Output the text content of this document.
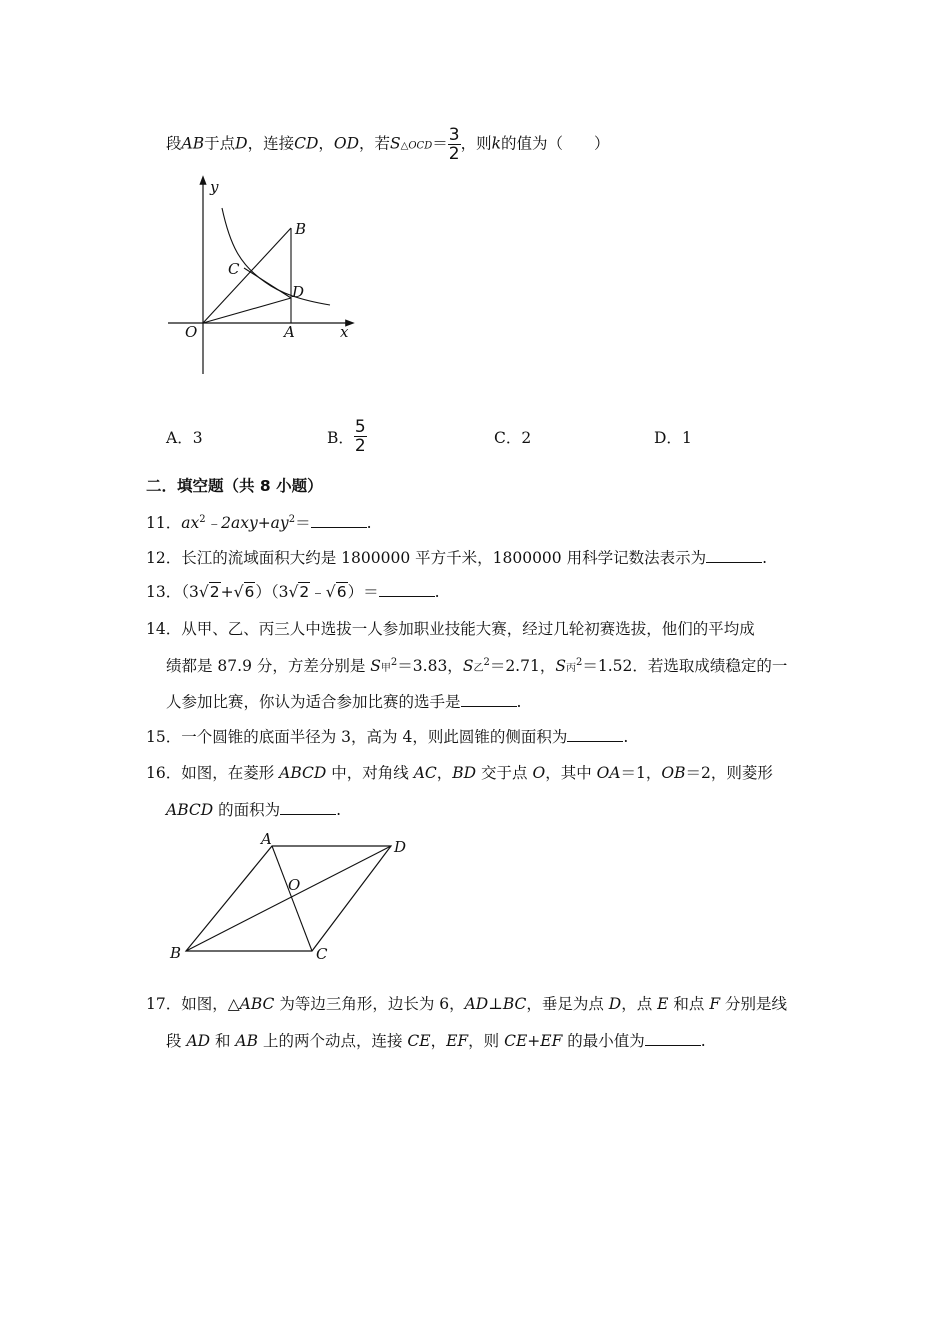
段AB于点D，连接CD，OD，若S△OCD＝ $\frac{3}{2}$ ，则k的值为（　　）
y
x
O	A
B
C
D
A．3	B． $\frac{5}{2}$	C．2	D．1
二．填空题（共 8 小题）
11．$ax^2﹣2axy+ay^2=$	.
12．长江的流域面积大约是 1800000 平方千米，1800000 用科学记数法表示为	.
13．（3√2+√6）（3√2﹣√6）＝	.
14．从甲、乙、丙三人中选拔一人参加职业技能大赛，经过几轮初赛选拔，他们的平均成
绩都是 87.9 分，方差分别是 S甲$^2$＝3.83，S乙$^2$＝2.71，S丙$^2$＝1.52．若选取成绩稳定的一
人参加比赛，你认为适合参加比赛的选手是	.
15．一个圆锥的底面半径为 3，高为 4，则此圆锥的侧面积为	.
16．如图，在菱形 ABCD 中，对角线 AC，BD 交于点 O，其中 OA＝1，OB＝2，则菱形
ABCD 的面积为	.
A	D
O
B	C
17．如图，△ABC 为等边三角形，边长为 6，AD⊥BC，垂足为点 D，点 E 和点 F 分别是线
段 AD 和 AB 上的两个动点，连接 CE，EF，则 CE+EF 的最小值为	.
